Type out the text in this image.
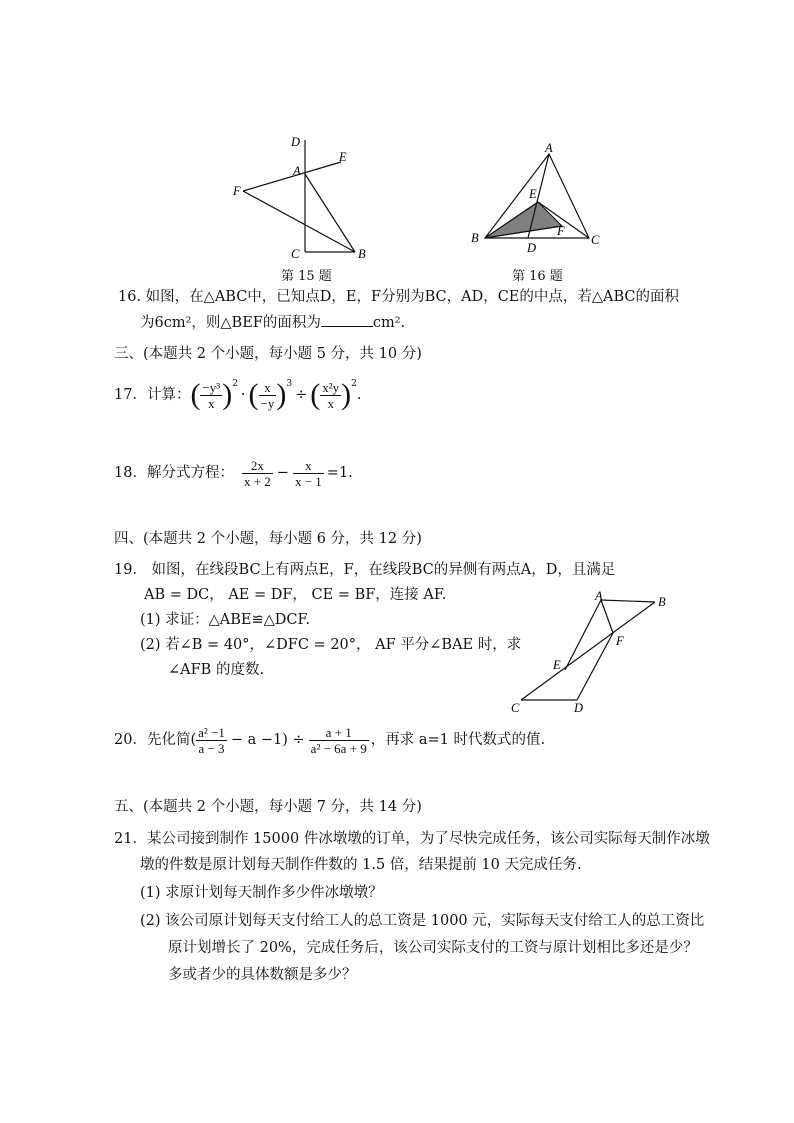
D
E
A
F
C	B
第 15 题
A
E
B
D
F
C
第 16 题
16. 如图，在△ABC中，已知点D，E，F分别为BC，AD，CE的中点，若△ABC的面积
为6cm²，则△BEF的面积为	cm².
三、(本题共 2 个小题，每小题 5 分，共 10 分)
17．计算： ( $\frac{\text{−y³}}{x} )^2$
· ( $\frac{x}{-y} )^3$
÷ ( $\frac{\text{x²y}}{x} )^2$
.
18．解分式方程： $\frac{2x}{x + 2} - \frac{x}{x - 1} =1$.
四、(本题共 2 个小题，每小题 6 分，共 12 分)
19． 如图，在线段BC上有两点E，F，在线段BC的异侧有两点A，D，且满足
AB = DC， AE = DF， CE = BF，连接 AF.
(1) 求证：△ABE≌△DCF.
(2) 若∠B = 40°，∠DFC = 20°， AF 平分∠BAE 时，求
∠AFB 的度数.
A	B
F
E
C	D
20．先化简( $\frac{\text{a² −1}}{a - 3} - a -1) \div \frac{a + 1}{\text{a² − 6a + 9}}$ ，再求 a=1 时代数式的值.
五、(本题共 2 个小题，每小题 7 分，共 14 分)
21．某公司接到制作 15000 件冰墩墩的订单，为了尽快完成任务，该公司实际每天制作冰墩
墩的件数是原计划每天制作件数的 1.5 倍，结果提前 10 天完成任务.
(1) 求原计划每天制作多少件冰墩墩？
(2) 该公司原计划每天支付给工人的总工资是 1000 元，实际每天支付给工人的总工资比
原计划增长了 20%，完成任务后，该公司实际支付的工资与原计划相比多还是少？
多或者少的具体数额是多少？
